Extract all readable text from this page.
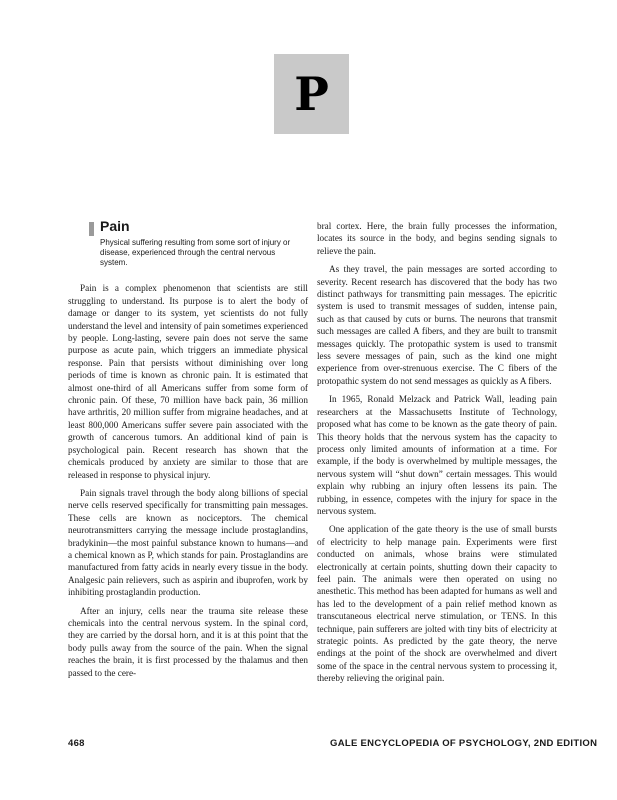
P
Pain
Physical suffering resulting from some sort of injury or disease, experienced through the central nervous system.

Pain is a complex phenomenon that scientists are still struggling to understand. Its purpose is to alert the body of damage or danger to its system, yet scientists do not fully understand the level and intensity of pain sometimes experienced by people. Long-lasting, severe pain does not serve the same purpose as acute pain, which triggers an immediate physical response. Pain that persists without diminishing over long periods of time is known as chronic pain. It is estimated that almost one-third of all Americans suffer from some form of chronic pain. Of these, 70 million have back pain, 36 million have arthritis, 20 million suffer from migraine headaches, and at least 800,000 Americans suffer severe pain associated with the growth of cancerous tumors. An additional kind of pain is psychological pain. Recent research has shown that the chemicals produced by anxiety are similar to those that are released in response to physical injury.

Pain signals travel through the body along billions of special nerve cells reserved specifically for transmitting pain messages. These cells are known as nociceptors. The chemical neurotransmitters carrying the message include prostaglandins, bradykinin—the most painful substance known to humans—and a chemical known as P, which stands for pain. Prostaglandins are manufactured from fatty acids in nearly every tissue in the body. Analgesic pain relievers, such as aspirin and ibuprofen, work by inhibiting prostaglandin production.

After an injury, cells near the trauma site release these chemicals into the central nervous system. In the spinal cord, they are carried by the dorsal horn, and it is at this point that the body pulls away from the source of the pain. When the signal reaches the brain, it is first processed by the thalamus and then passed to the cere-

bral cortex. Here, the brain fully processes the information, locates its source in the body, and begins sending signals to relieve the pain.

As they travel, the pain messages are sorted according to severity. Recent research has discovered that the body has two distinct pathways for transmitting pain messages. The epicritic system is used to transmit messages of sudden, intense pain, such as that caused by cuts or burns. The neurons that transmit such messages are called A fibers, and they are built to transmit messages quickly. The protopathic system is used to transmit less severe messages of pain, such as the kind one might experience from over-strenuous exercise. The C fibers of the protopathic system do not send messages as quickly as A fibers.

In 1965, Ronald Melzack and Patrick Wall, leading pain researchers at the Massachusetts Institute of Technology, proposed what has come to be known as the gate theory of pain. This theory holds that the nervous system has the capacity to process only limited amounts of information at a time. For example, if the body is overwhelmed by multiple messages, the nervous system will “shut down” certain messages. This would explain why rubbing an injury often lessens its pain. The rubbing, in essence, competes with the injury for space in the nervous system.

One application of the gate theory is the use of small bursts of electricity to help manage pain. Experiments were first conducted on animals, whose brains were stimulated electronically at certain points, shutting down their capacity to feel pain. The animals were then operated on using no anesthetic. This method has been adapted for humans as well and has led to the development of a pain relief method known as transcutaneous electrical nerve stimulation, or TENS. In this technique, pain sufferers are jolted with tiny bits of electricity at strategic points. As predicted by the gate theory, the nerve endings at the point of the shock are overwhelmed and divert some of the space in the central nervous system to processing it, thereby relieving the original pain.

468	GALE ENCYCLOPEDIA OF PSYCHOLOGY, 2ND EDITION
